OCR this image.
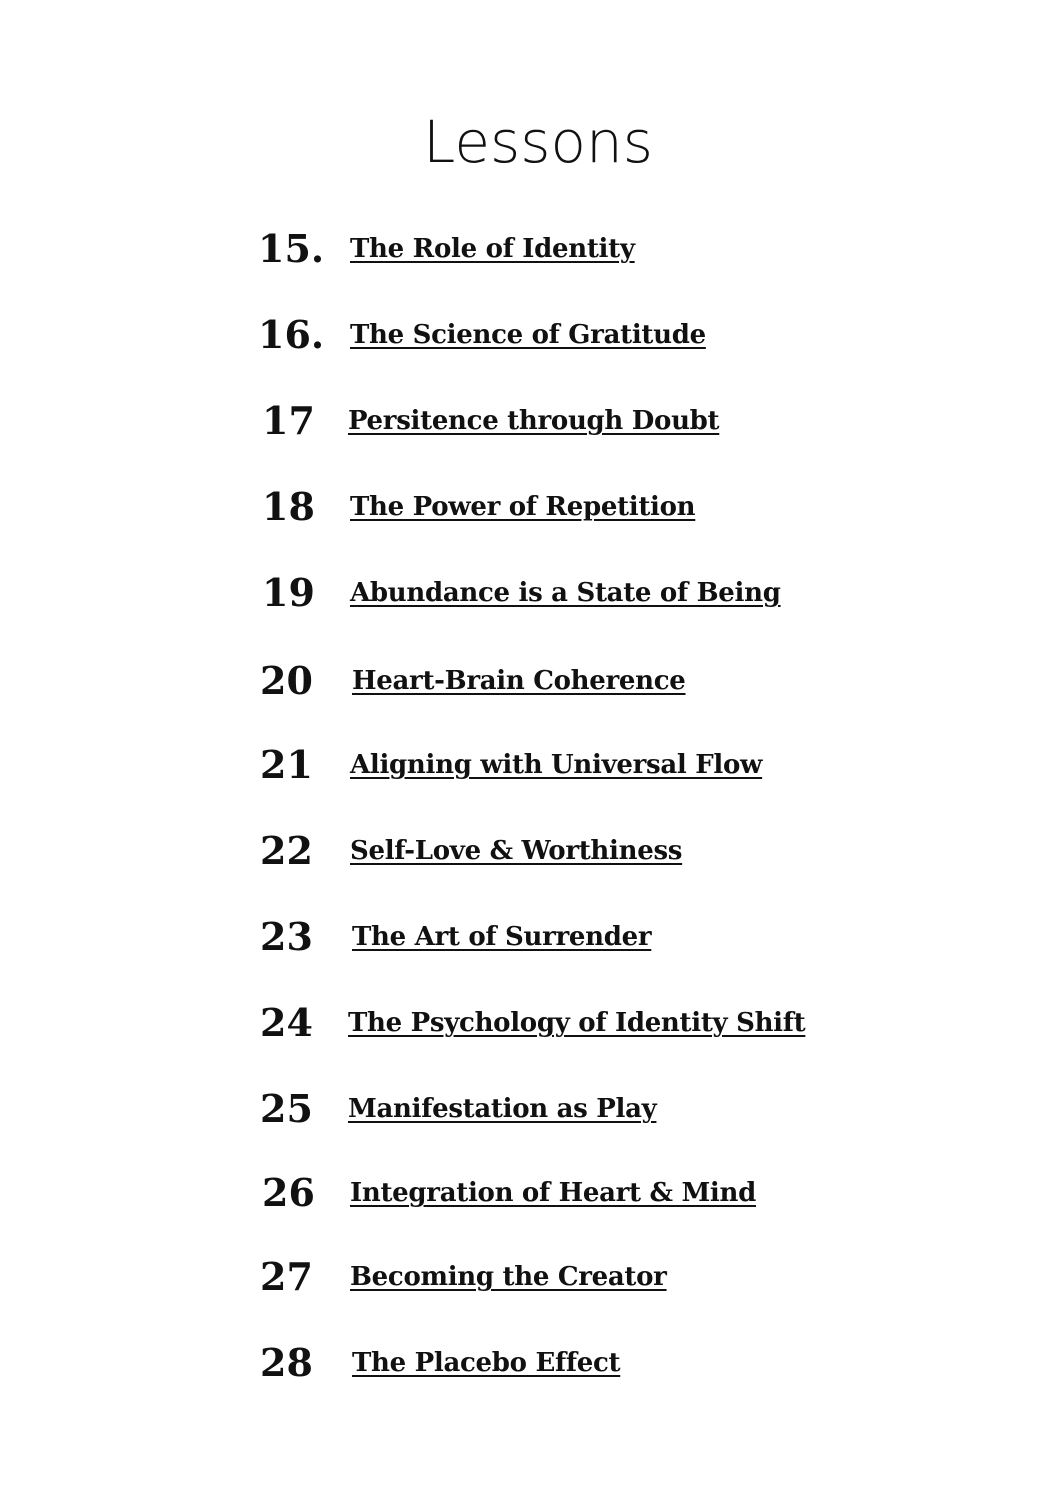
Lessons
15. The Role of Identity
16. The Science of Gratitude
17 Persitence through Doubt
18 The Power of Repetition
19 Abundance is a State of Being
20 Heart-Brain Coherence
21 Aligning with Universal Flow
22 Self-Love & Worthiness
23 The Art of Surrender
24 The Psychology of Identity Shift
25 Manifestation as Play
26 Integration of Heart & Mind
27 Becoming the Creator
28 The Placebo Effect
